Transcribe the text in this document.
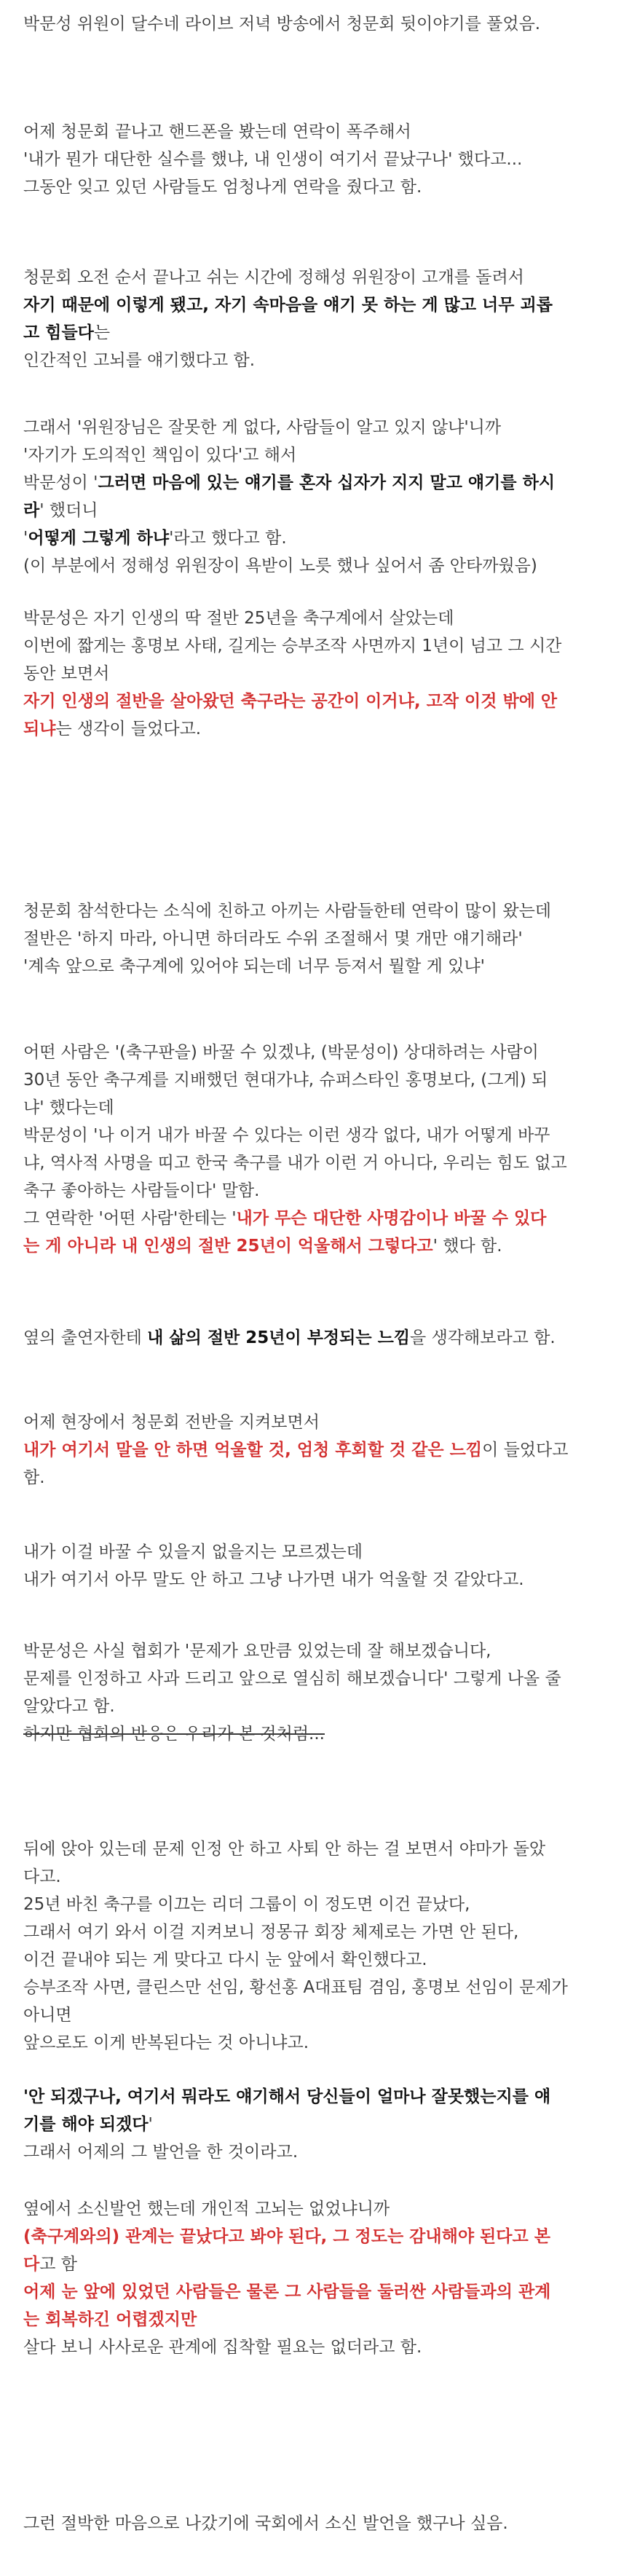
박문성 위원이 달수네 라이브 저녁 방송에서 청문회 뒷이야기를 풀었음.
어제 청문회 끝나고 핸드폰을 봤는데 연락이 폭주해서
'내가 뭔가 대단한 실수를 했냐, 내 인생이 여기서 끝났구나' 했다고...
그동안 잊고 있던 사람들도 엄청나게 연락을 줬다고 함.
청문회 오전 순서 끝나고 쉬는 시간에 정해성 위원장이 고개를 돌려서
자기 때문에 이렇게 됐고, 자기 속마음을 얘기 못 하는 게 많고 너무 괴롭
고 힘들다는
인간적인 고뇌를 얘기했다고 함.
그래서 '위원장님은 잘못한 게 없다, 사람들이 알고 있지 않냐'니까
'자기가 도의적인 책임이 있다'고 해서
박문성이 '그러면 마음에 있는 얘기를 혼자 십자가 지지 말고 얘기를 하시
라' 했더니
'어떻게 그렇게 하냐'라고 했다고 함.
(이 부분에서 정해성 위원장이 욕받이 노릇 했나 싶어서 좀 안타까웠음)
박문성은 자기 인생의 딱 절반 25년을 축구계에서 살았는데
이번에 짧게는 홍명보 사태, 길게는 승부조작 사면까지 1년이 넘고 그 시간
동안 보면서
자기 인생의 절반을 살아왔던 축구라는 공간이 이거냐, 고작 이것 밖에 안
되냐는 생각이 들었다고.
청문회 참석한다는 소식에 친하고 아끼는 사람들한테 연락이 많이 왔는데
절반은 '하지 마라, 아니면 하더라도 수위 조절해서 몇 개만 얘기해라'
'계속 앞으로 축구계에 있어야 되는데 너무 등져서 뭘할 게 있냐'
어떤 사람은 '(축구판을) 바꿀 수 있겠냐, (박문성이) 상대하려는 사람이
30년 동안 축구계를 지배했던 현대가냐, 슈퍼스타인 홍명보다, (그게) 되
냐' 했다는데
박문성이 '나 이거 내가 바꿀 수 있다는 이런 생각 없다, 내가 어떻게 바꾸
냐, 역사적 사명을 띠고 한국 축구를 내가 이런 거 아니다, 우리는 힘도 없고
축구 좋아하는 사람들이다' 말함.
그 연락한 '어떤 사람'한테는 '내가 무슨 대단한 사명감이나 바꿀 수 있다
는 게 아니라 내 인생의 절반 25년이 억울해서 그렇다고' 했다 함.
옆의 출연자한테 내 삶의 절반 25년이 부정되는 느낌을 생각해보라고 함.
어제 현장에서 청문회 전반을 지켜보면서
내가 여기서 말을 안 하면 억울할 것, 엄청 후회할 것 같은 느낌이 들었다고
함.
내가 이걸 바꿀 수 있을지 없을지는 모르겠는데
내가 여기서 아무 말도 안 하고 그냥 나가면 내가 억울할 것 같았다고.
박문성은 사실 협회가 '문제가 요만큼 있었는데 잘 해보겠습니다,
문제를 인정하고 사과 드리고 앞으로 열심히 해보겠습니다' 그렇게 나올 줄
알았다고 함.
하지만 협회의 반응은 우리가 본 것처럼...
뒤에 앉아 있는데 문제 인정 안 하고 사퇴 안 하는 걸 보면서 야마가 돌았
다고.
25년 바친 축구를 이끄는 리더 그룹이 이 정도면 이건 끝났다,
그래서 여기 와서 이걸 지켜보니 정몽규 회장 체제로는 가면 안 된다,
이건 끝내야 되는 게 맞다고 다시 눈 앞에서 확인했다고.
승부조작 사면, 클린스만 선임, 황선홍 A대표팀 겸임, 홍명보 선임이 문제가
아니면
앞으로도 이게 반복된다는 것 아니냐고.
'안 되겠구나, 여기서 뭐라도 얘기해서 당신들이 얼마나 잘못했는지를 얘
기를 해야 되겠다'
그래서 어제의 그 발언을 한 것이라고.
옆에서 소신발언 했는데 개인적 고뇌는 없었냐니까
(축구계와의) 관계는 끝났다고 봐야 된다, 그 정도는 감내해야 된다고 본
다고 함
어제 눈 앞에 있었던 사람들은 물론 그 사람들을 둘러싼 사람들과의 관계
는 회복하긴 어렵겠지만
살다 보니 사사로운 관계에 집착할 필요는 없더라고 함.
그런 절박한 마음으로 나갔기에 국회에서 소신 발언을 했구나 싶음.
